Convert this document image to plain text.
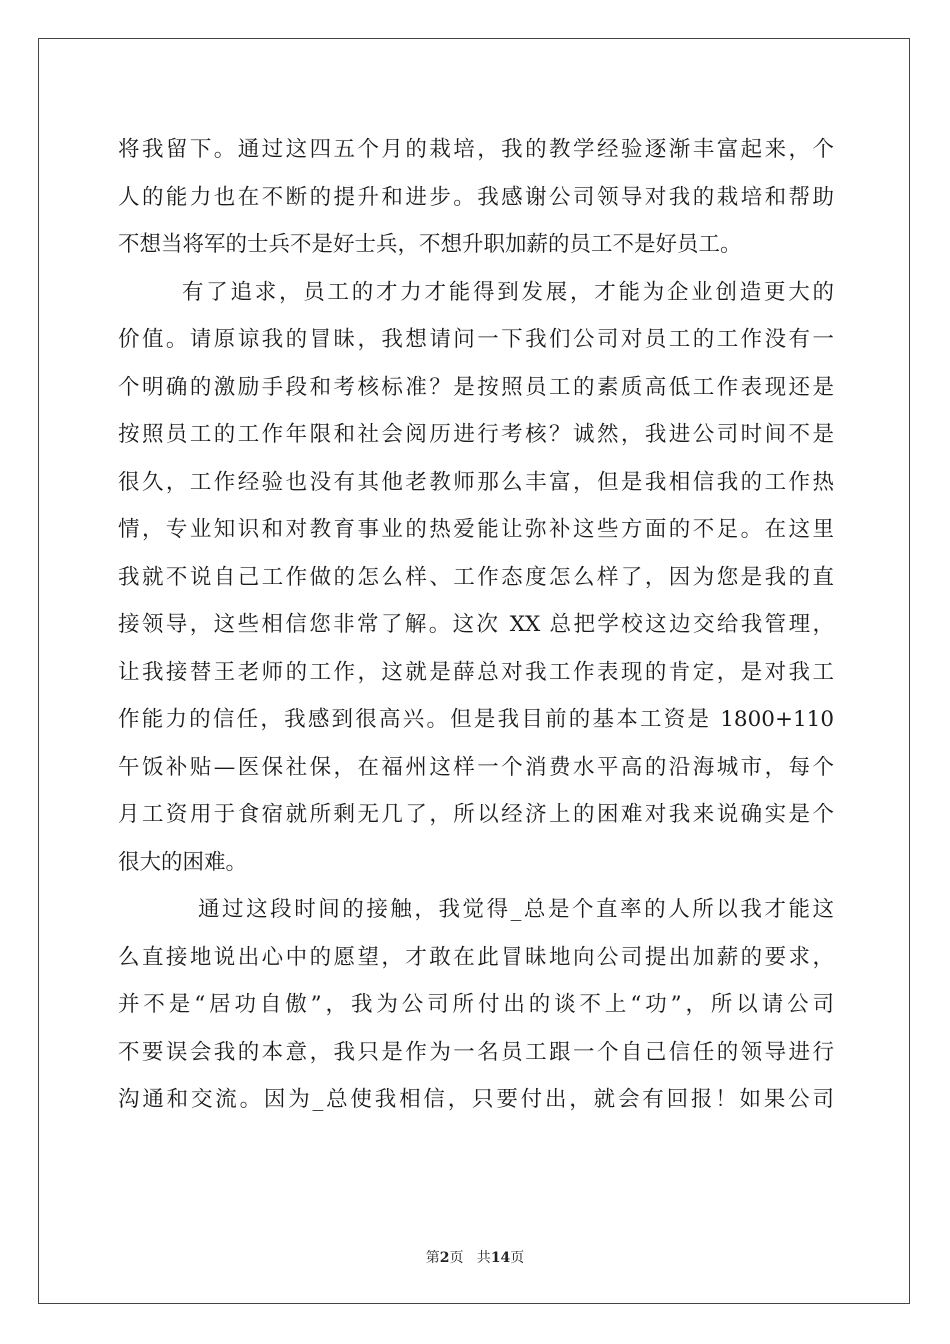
将我留下。通过这四五个月的栽培，我的教学经验逐渐丰富起来，个
人的能力也在不断的提升和进步。我感谢公司领导对我的栽培和帮助
不想当将军的士兵不是好士兵，不想升职加薪的员工不是好员工。
有了追求，员工的才力才能得到发展，才能为企业创造更大的
价值。请原谅我的冒昧，我想请问一下我们公司对员工的工作没有一
个明确的激励手段和考核标准？是按照员工的素质高低工作表现还是
按照员工的工作年限和社会阅历进行考核？诚然，我进公司时间不是
很久，工作经验也没有其他老教师那么丰富，但是我相信我的工作热
情，专业知识和对教育事业的热爱能让弥补这些方面的不足。在这里
我就不说自己工作做的怎么样、工作态度怎么样了，因为您是我的直
接领导，这些相信您非常了解。这次 XX 总把学校这边交给我管理，
让我接替王老师的工作，这就是薛总对我工作表现的肯定，是对我工
作能力的信任，我感到很高兴。但是我目前的基本工资是 1800+110
午饭补贴—医保社保，在福州这样一个消费水平高的沿海城市，每个
月工资用于食宿就所剩无几了，所以经济上的困难对我来说确实是个
很大的困难。
通过这段时间的接触，我觉得_总是个直率的人所以我才能这
么直接地说出心中的愿望，才敢在此冒昧地向公司提出加薪的要求，
并不是“居功自傲”，我为公司所付出的谈不上“功”，所以请公司
不要误会我的本意，我只是作为一名员工跟一个自己信任的领导进行
沟通和交流。因为_总使我相信，只要付出，就会有回报！如果公司
第2页   共14页
